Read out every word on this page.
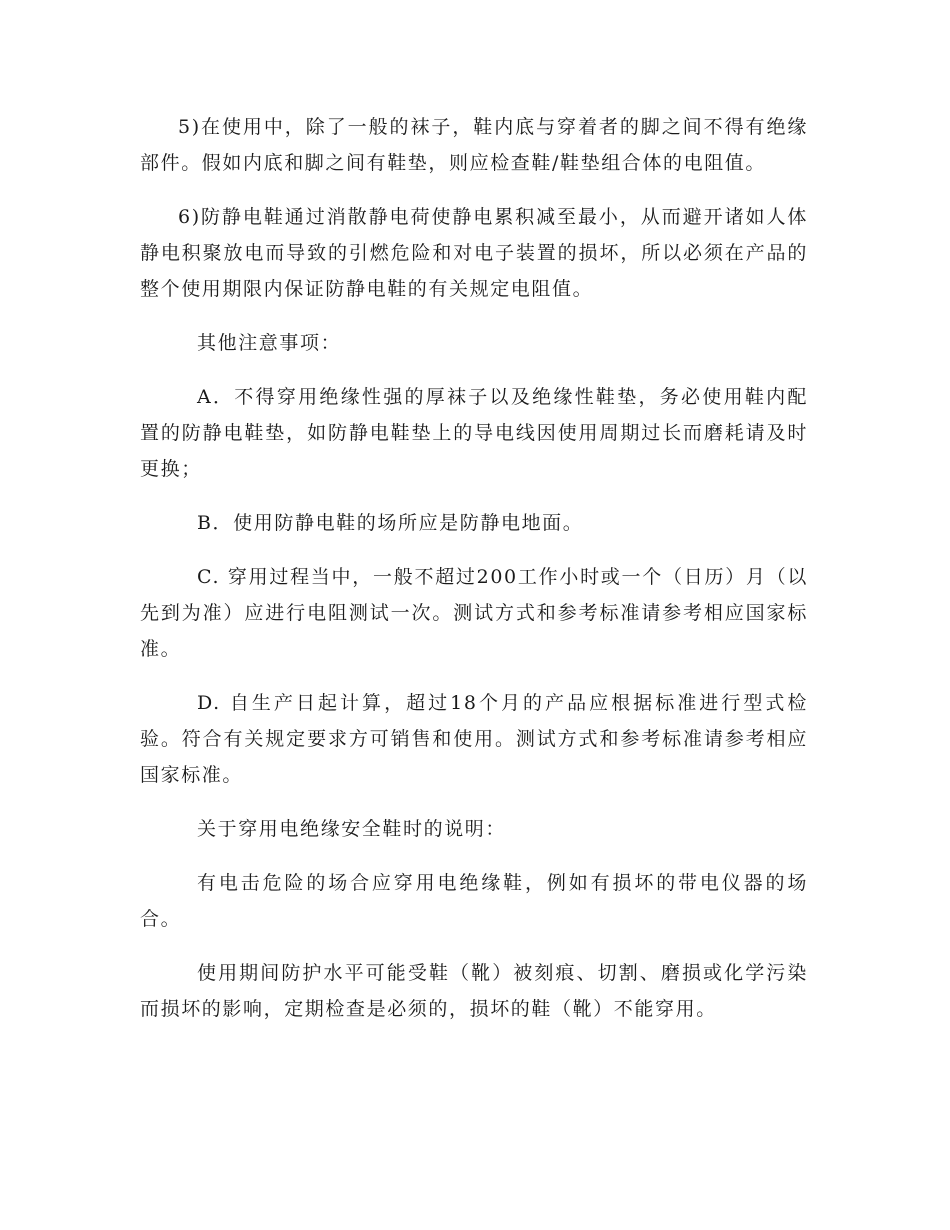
5)在使用中，除了一般的袜子，鞋内底与穿着者的脚之间不得有绝缘部件。假如内底和脚之间有鞋垫，则应检查鞋/鞋垫组合体的电阻值。

6)防静电鞋通过消散静电荷使静电累积减至最小，从而避开诸如人体静电积聚放电而导致的引燃危险和对电子装置的损坏，所以必须在产品的整个使用期限内保证防静电鞋的有关规定电阻值。

其他注意事项：

A．不得穿用绝缘性强的厚袜子以及绝缘性鞋垫，务必使用鞋内配置的防静电鞋垫，如防静电鞋垫上的导电线因使用周期过长而磨耗请及时更换；

B．使用防静电鞋的场所应是防静电地面。

C. 穿用过程当中，一般不超过200工作小时或一个（日历）月（以先到为准）应进行电阻测试一次。测试方式和参考标准请参考相应国家标准。

D. 自生产日起计算，超过18个月的产品应根据标准进行型式检验。符合有关规定要求方可销售和使用。测试方式和参考标准请参考相应国家标准。

关于穿用电绝缘安全鞋时的说明：

有电击危险的场合应穿用电绝缘鞋，例如有损坏的带电仪器的场合。

使用期间防护水平可能受鞋（靴）被刻痕、切割、磨损或化学污染而损坏的影响，定期检查是必须的，损坏的鞋（靴）不能穿用。
